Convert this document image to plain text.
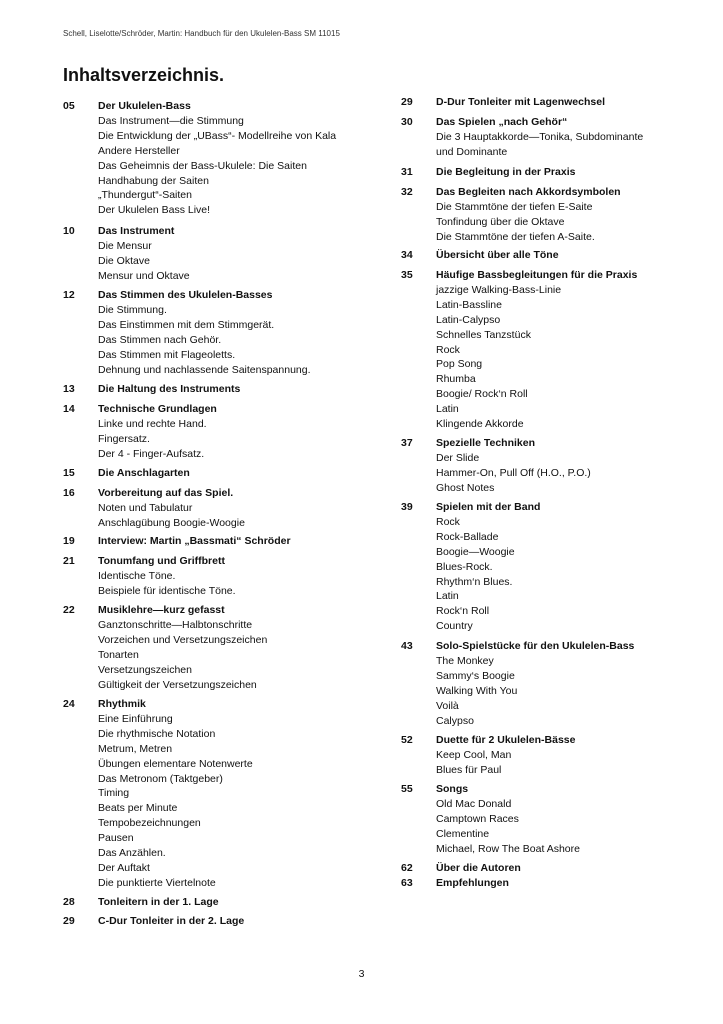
Schell, Liselotte/Schröder, Martin: Handbuch für den Ukulelen-Bass SM 11015
Inhaltsverzeichnis.
05 Der Ukulelen-Bass
Das Instrument—die Stimmung
Die Entwicklung der „UBass“- Modellreihe von Kala
Andere Hersteller
Das Geheimnis der Bass-Ukulele: Die Saiten
Handhabung der Saiten
„Thundergut“-Saiten
Der Ukulelen Bass Live!
10 Das Instrument
Die Mensur
Die Oktave
Mensur und Oktave
12 Das Stimmen des Ukulelen-Basses
Die Stimmung.
Das Einstimmen mit dem Stimmgerät.
Das Stimmen nach Gehör.
Das Stimmen mit Flageoletts.
Dehnung und nachlassende Saitenspannung.
13 Die Haltung des Instruments
14 Technische Grundlagen
Linke und rechte Hand.
Fingersatz.
Der 4 - Finger-Aufsatz.
15 Die Anschlagarten
16 Vorbereitung auf das Spiel.
Noten und Tabulatur
Anschlagübung Boogie-Woogie
19 Interview: Martin „Bassmati“ Schröder
21 Tonumfang und Griffbrett
Identische Töne.
Beispiele für identische Töne.
22 Musiklehre—kurz gefasst
Ganztonschritte—Halbtonschritte
Vorzeichen und Versetzungszeichen
Tonarten
Versetzungszeichen
Gültigkeit der Versetzungszeichen
24 Rhythmik
Eine Einführung
Die rhythmische Notation
Metrum, Metren
Übungen elementare Notenwerte
Das Metronom (Taktgeber)
Timing
Beats per Minute
Tempobezeichnungen
Pausen
Das Anzählen.
Der Auftakt
Die punktierte Viertelnote
28 Tonleitern in der 1. Lage
29 C-Dur Tonleiter in der 2. Lage
29 D-Dur Tonleiter mit Lagenwechsel
30 Das Spielen „nach Gehör“
Die 3 Hauptakkorde—Tonika, Subdominante
und Dominante
31 Die Begleitung in der Praxis
32 Das Begleiten nach Akkordsymbolen
Die Stammtöne der tiefen E-Saite
Tonfindung über die Oktave
Die Stammtöne der tiefen A-Saite.
34 Übersicht über alle Töne
35 Häufige Bassbegleitungen für die Praxis
jazzige Walking-Bass-Linie
Latin-Bassline
Latin-Calypso
Schnelles Tanzstück
Rock
Pop Song
Rhumba
Boogie/ Rock‘n Roll
Latin
Klingende Akkorde
37 Spezielle Techniken
Der Slide
Hammer-On, Pull Off (H.O., P.O.)
Ghost Notes
39 Spielen mit der Band
Rock
Rock-Ballade
Boogie—Woogie
Blues-Rock.
Rhythm‘n Blues.
Latin
Rock‘n Roll
Country
43 Solo-Spielstücke für den Ukulelen-Bass
The Monkey
Sammy‘s Boogie
Walking With You
Voilà
Calypso
52 Duette für 2 Ukulelen-Bässe
Keep Cool, Man
Blues für Paul
55 Songs
Old Mac Donald
Camptown Races
Clementine
Michael, Row The Boat Ashore
62 Über die Autoren
63 Empfehlungen
3
